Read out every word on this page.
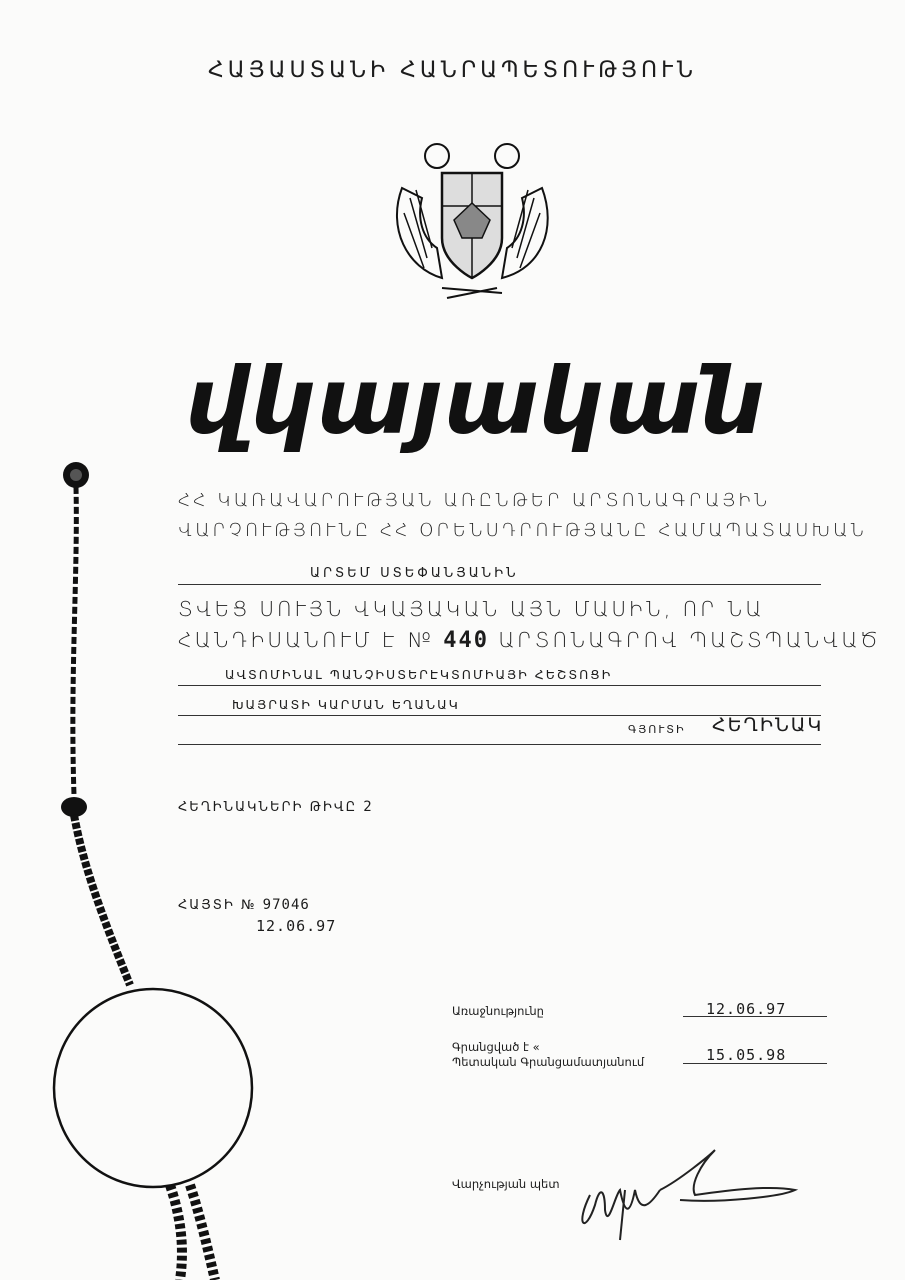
ՀԱՅԱՍՏԱՆԻ ՀԱՆՐԱՊԵՏՈՒԹՅՈՒՆ
վկայական
ՀՀ ԿԱՌԱՎԱՐՈՒԹՅԱՆ ԱՌԸՆԹԵՐ ԱՐՏՈՆԱԳՐԱՅԻՆ
ՎԱՐՉՈՒԹՅՈՒՆԸ ՀՀ ՕՐԵՆՍԴՐՈՒԹՅԱՆԸ ՀԱՄԱՊԱՏԱՍԽԱՆ
ԱՐՏԵՄ ՍՏԵՓԱՆՅԱՆԻՆ
ՏՎԵՑ ՍՈՒՅՆ ՎԿԱՅԱԿԱՆ ԱՅՆ ՄԱՍԻՆ, ՈՐ ՆԱ
ՀԱՆԴԻՍԱՆՈՒՄ Է № 440 ԱՐՏՈՆԱԳՐՈՎ ՊԱՇՏՊԱՆՎԱԾ
ԱՎՏՈՄԻՆԱԼ ՊԱՆՉԻՍՏԵՐԷԿՏՈՄԻԱՅԻ ՀԵՇՏՈՑԻ
ԽԱՅՐԱՏԻ ԿԱՐՄԱՆ ԵՂԱՆԱԿ
ԳՅՈՒՏԻ ՀԵՂԻՆԱԿ
ՀԵՂԻՆԱԿՆԵՐԻ ԹԻՎԸ 2
ՀԱՅՏԻ № 97046
12.06.97
Առաջնությունը	12.06.97
Գրանցված է «
Պետական Գրանցամատյանում	15.05.98
Վարչության պետ
